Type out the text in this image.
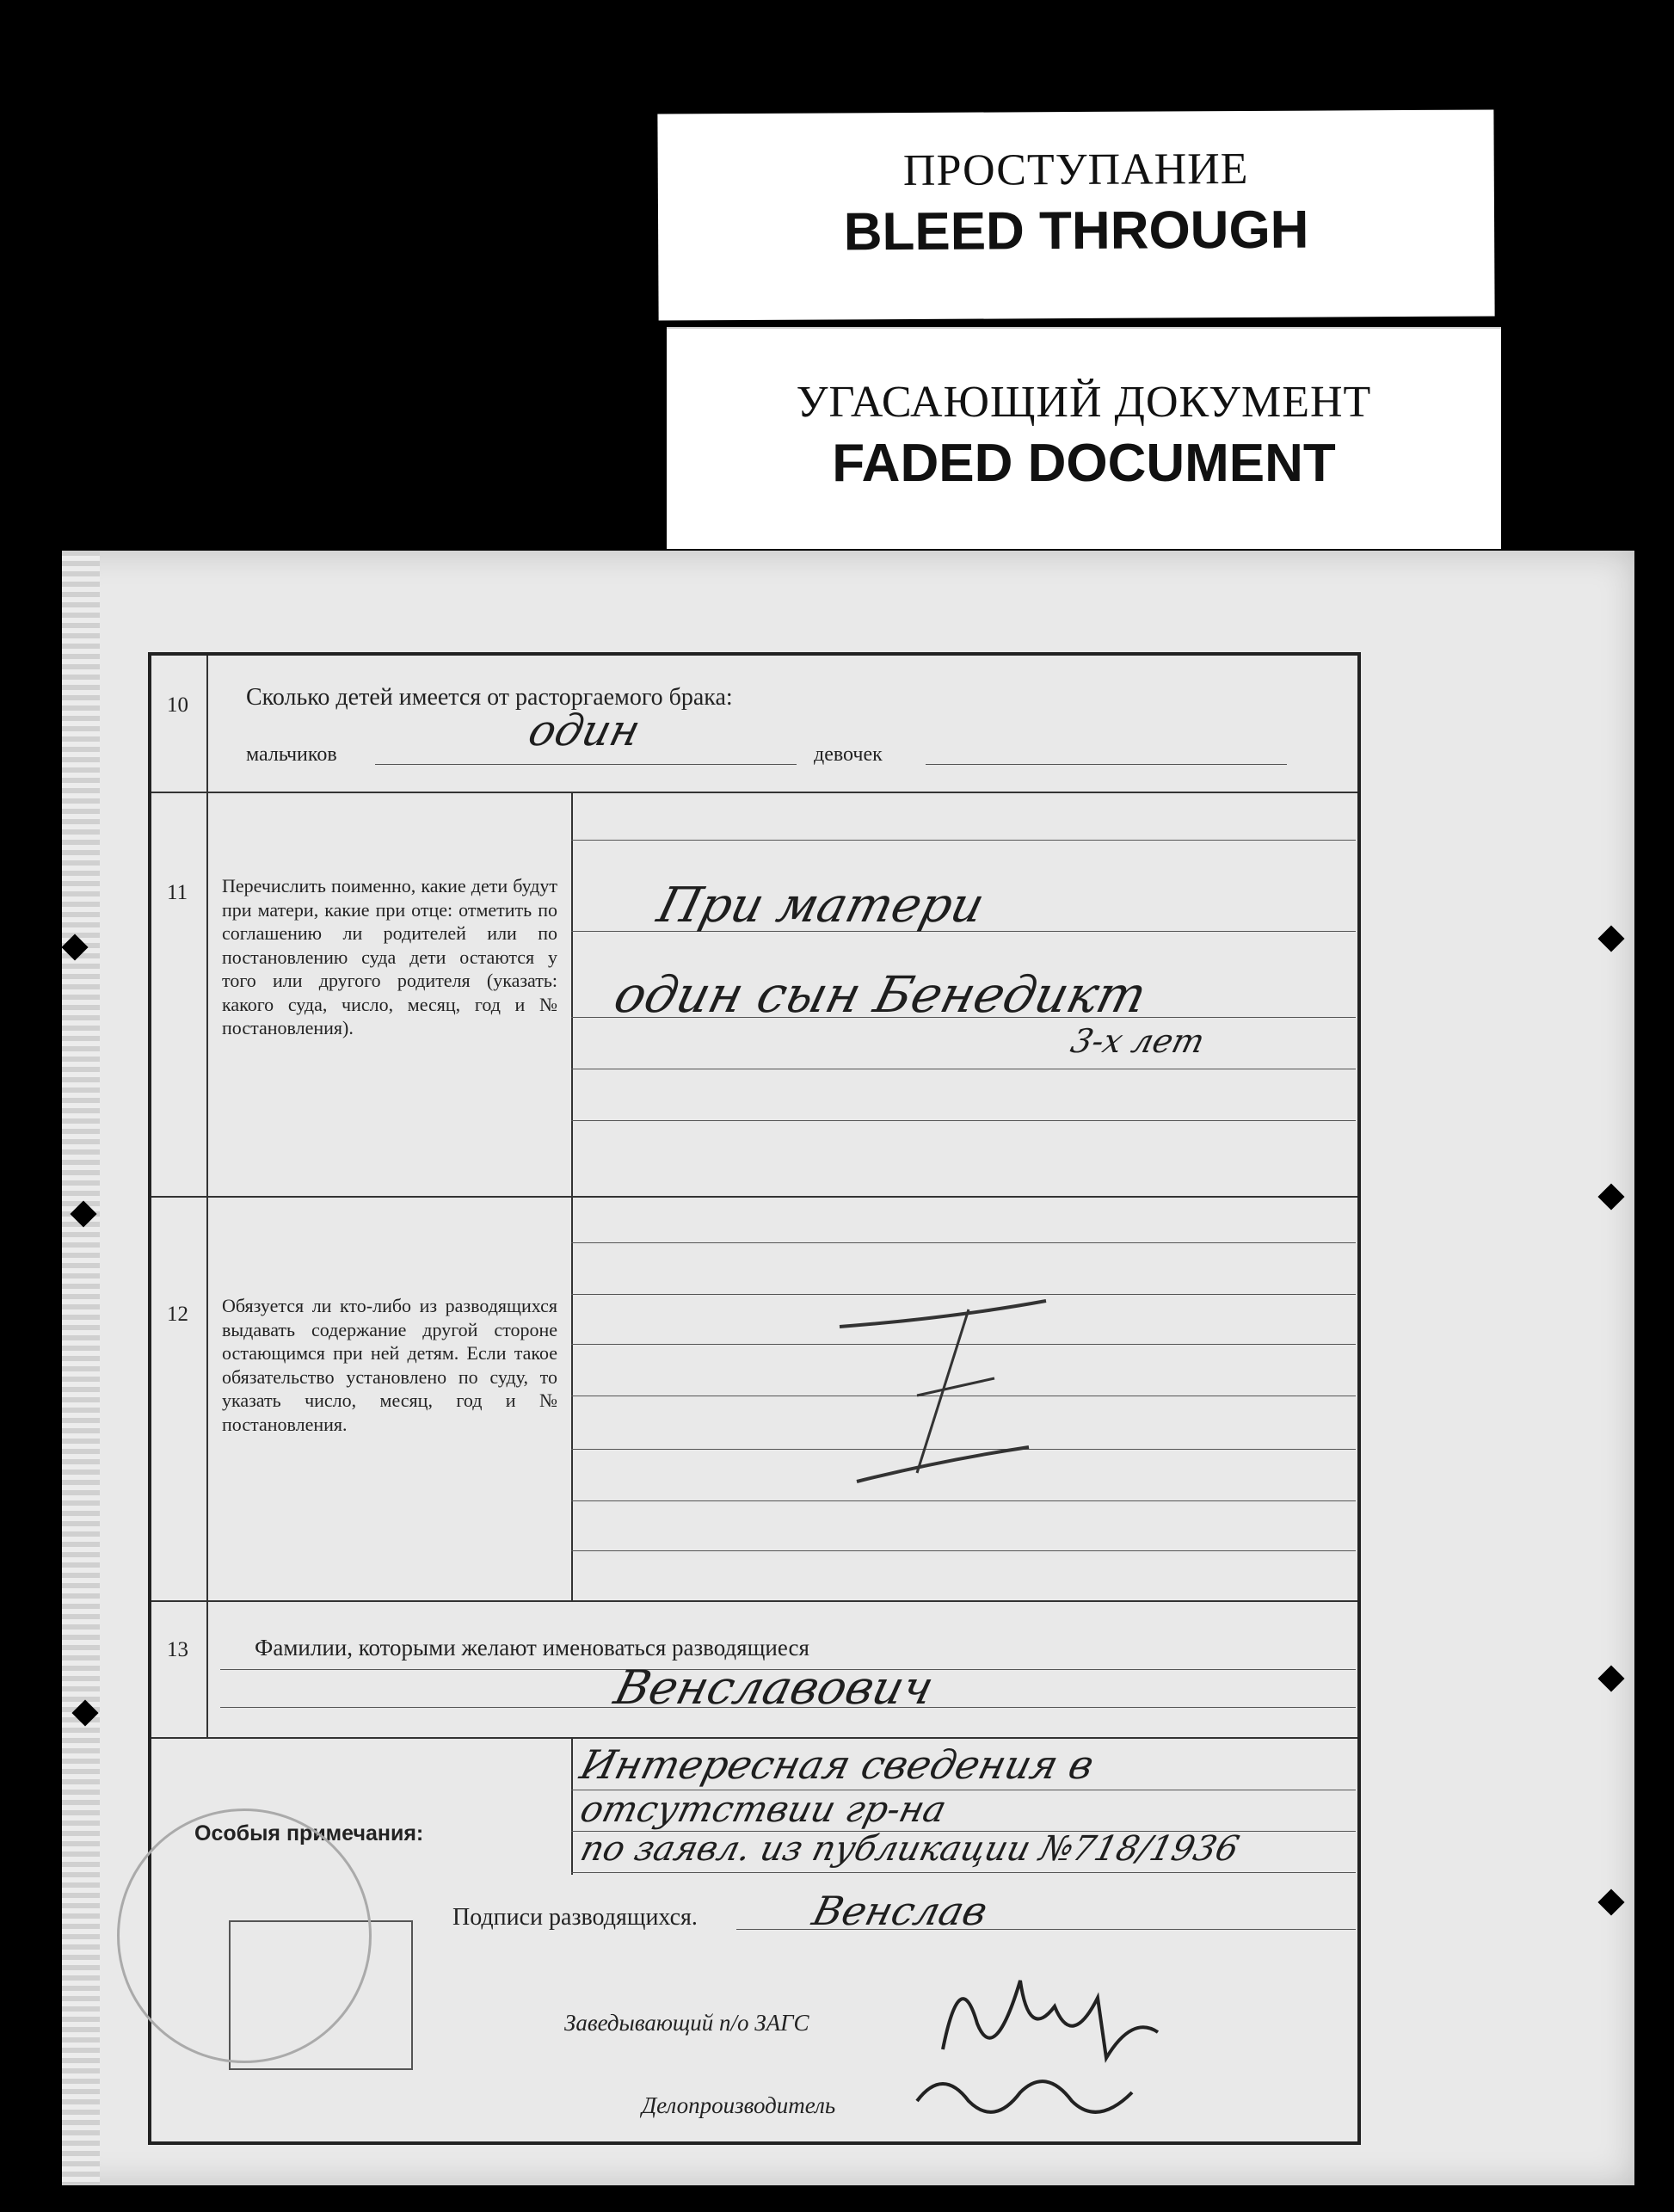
ПРОСТУПАНИЕ
BLEED THROUGH
УГАСАЮЩИЙ ДОКУМЕНТ
FADED DOCUMENT
10 Сколько детей имеется от расторгаемого брака:
мальчиков	один	девочек
11 Перечислить поименно, какие дети будут при матери, какие при отце: отметить по соглашению ли родителей или по постановлению суда дети остаются у того или другого родителя (указать: какого суда, число, месяц, год и № постановления).
При матери
один сын Бенедикт
3-х лет
12 Обязуется ли кто-либо из разводящихся выдавать содержание другой стороне остающимся при ней детям. Если такое обязательство установлено по суду, то указать число, месяц, год и № постановления.
13	Фамилии, которыми желают именоваться разводящиеся
Венславович
Особыя примечания:
Интересная сведения в
отсутствии гр-на
по заявл. из публикации №718/1936
Подписи разводящихся.	Венслав
Заведывающий п/о ЗАГС
Делопроизводитель
